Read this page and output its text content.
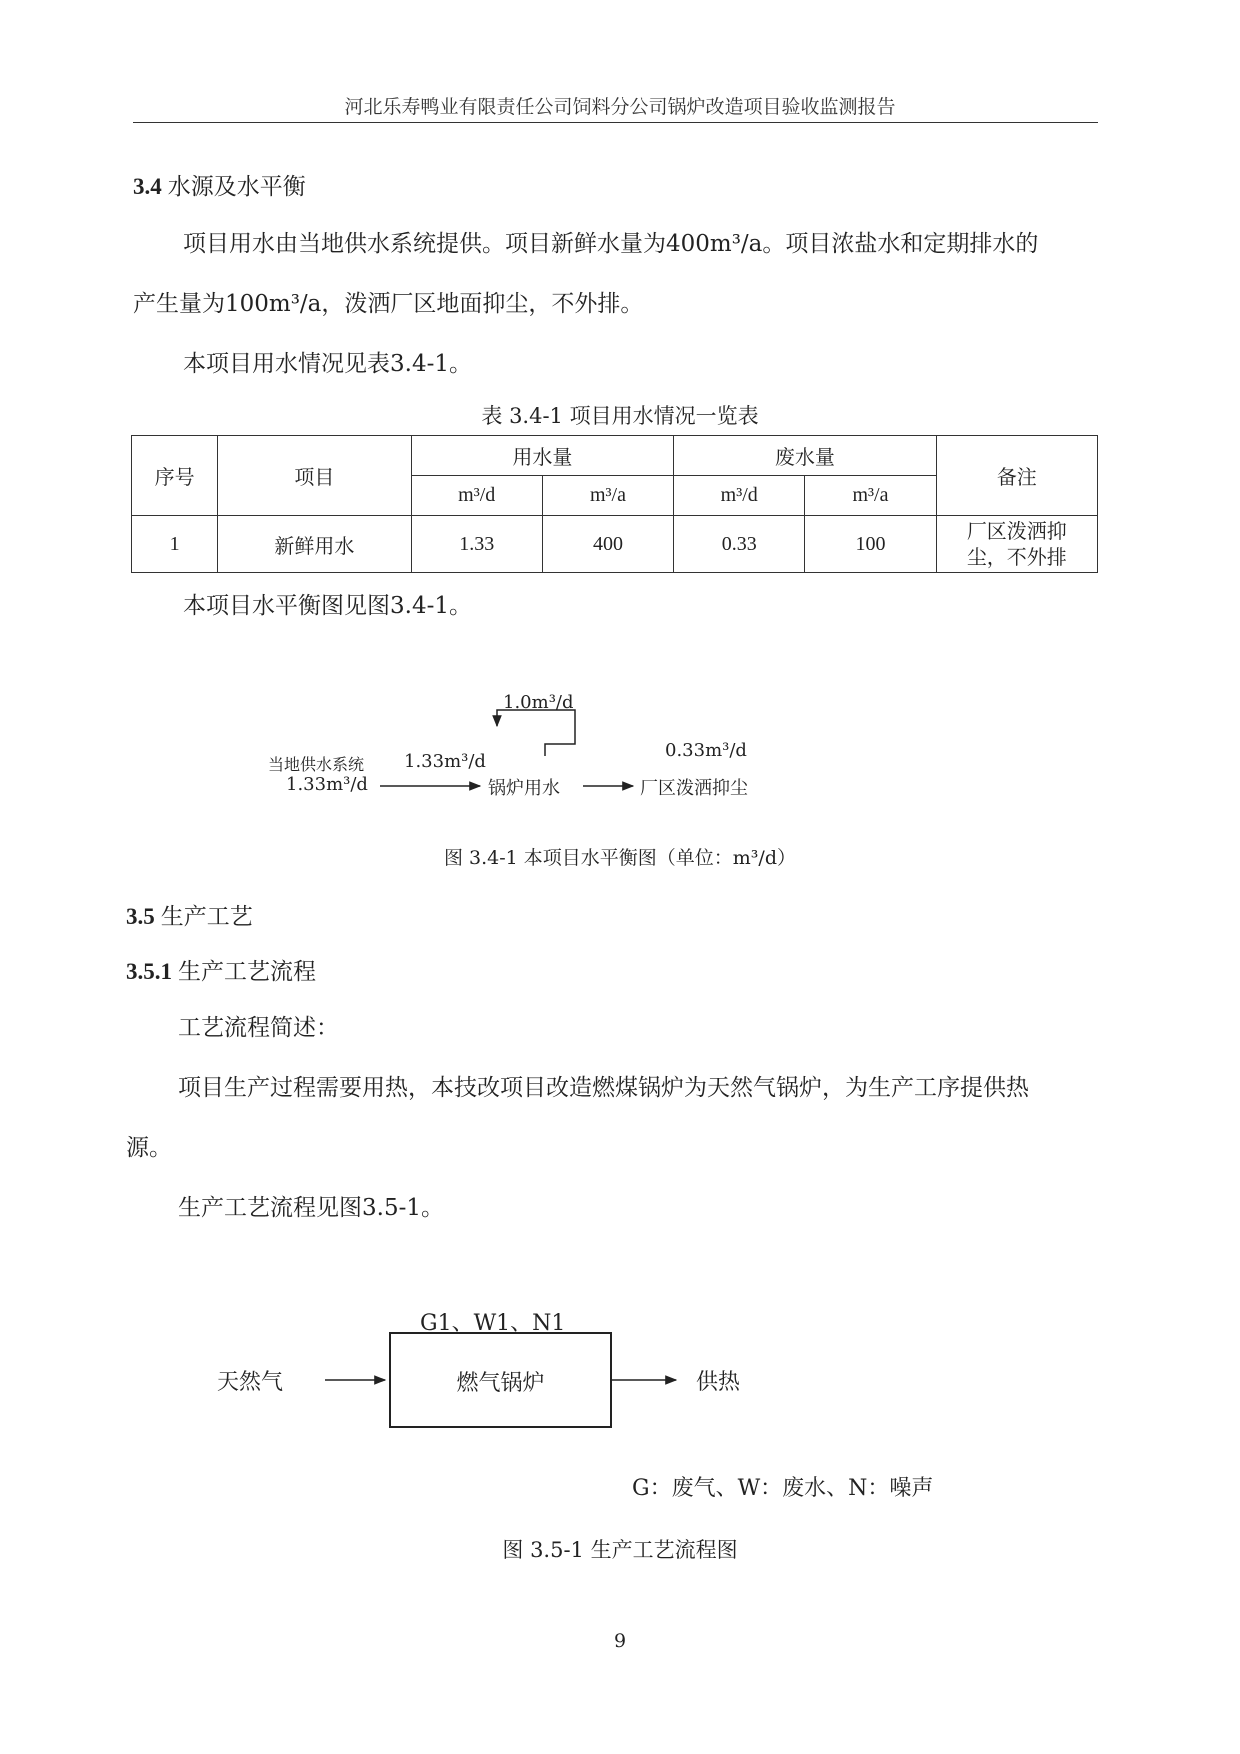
河北乐寿鸭业有限责任公司饲料分公司锅炉改造项目验收监测报告
3.4 水源及水平衡
项目用水由当地供水系统提供。项目新鲜水量为400m³/a。项目浓盐水和定期排水的
产生量为100m³/a，泼洒厂区地面抑尘，不外排。
本项目用水情况见表3.4-1。
表 3.4-1 项目用水情况一览表
序号	项目	用水量		废水量		备注
		m³/d	m³/a	m³/d	m³/a	
1	新鲜用水	1.33	400	0.33	100	厂区泼洒抑
尘，不外排
本项目水平衡图见图3.4-1。
1.0m³/d
当地供水系统
1.33m³/d
1.33m³/d
锅炉用水
0.33m³/d
厂区泼洒抑尘
图 3.4-1 本项目水平衡图（单位：m³/d）
3.5 生产工艺
3.5.1 生产工艺流程
工艺流程简述：
项目生产过程需要用热，本技改项目改造燃煤锅炉为天然气锅炉，为生产工序提供热
源。
生产工艺流程见图3.5-1。
G1、W1、N1
燃气锅炉
天然气	供热
G：废气、W：废水、N：噪声
图 3.5-1 生产工艺流程图
9
